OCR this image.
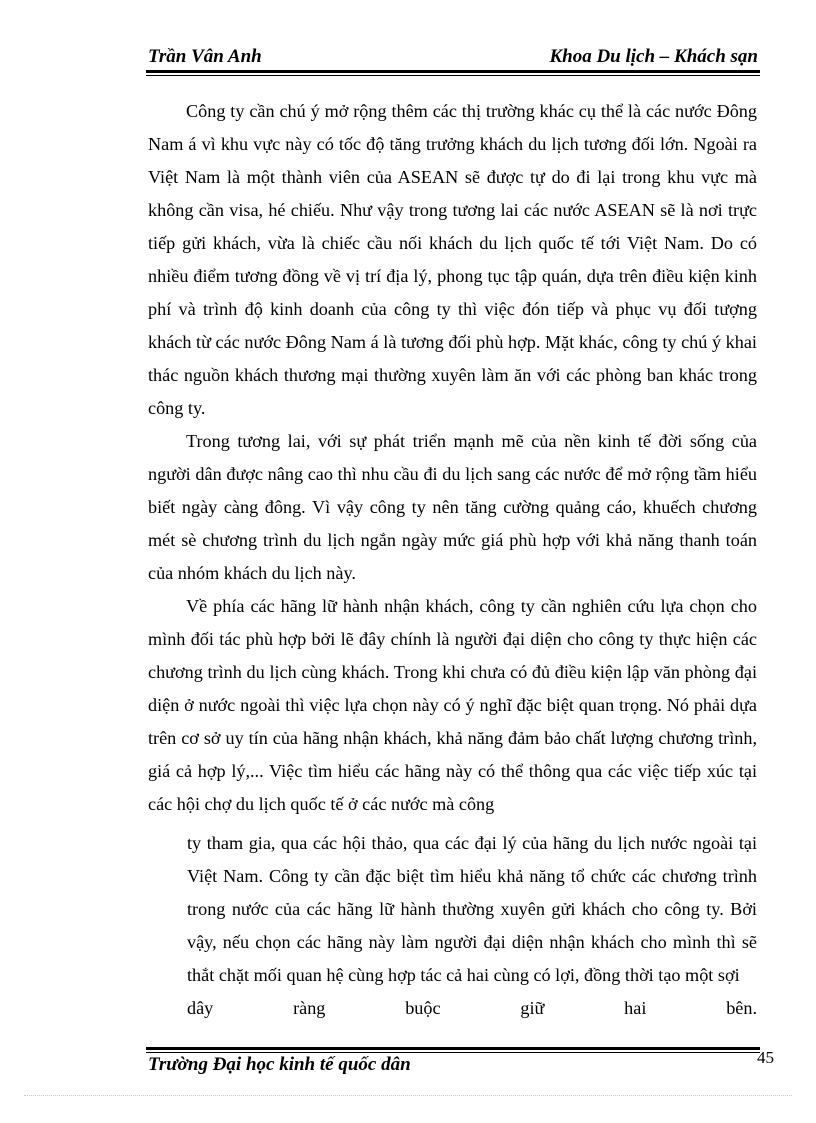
Trần Vân Anh	Khoa Du lịch – Khách sạn

Công ty cần chú ý mở rộng thêm các thị trường khác cụ thể là các nước Đông Nam á vì khu vực này có tốc độ tăng trưởng khách du lịch tương đối lớn. Ngoài ra Việt Nam là một thành viên của ASEAN sẽ được tự do đi lại trong khu vực mà không cần visa, hé chiếu. Như vậy trong tương lai các nước ASEAN sẽ là nơi trực tiếp gửi khách, vừa là chiếc cầu nối khách du lịch quốc tế tới Việt Nam. Do có nhiều điểm tương đồng về vị trí địa lý, phong tục tập quán, dựa trên điều kiện kinh phí và trình độ kinh doanh của công ty thì việc đón tiếp và phục vụ đối tượng khách từ các nước Đông Nam á là tương đối phù hợp. Mặt khác, công ty chú ý khai thác nguồn khách thương mại thường xuyên làm ăn với các phòng ban khác trong công ty.

Trong tương lai, với sự phát triển mạnh mẽ của nền kinh tế đời sống của người dân được nâng cao thì nhu cầu đi du lịch sang các nước để mở rộng tầm hiểu biết ngày càng đông. Vì vậy công ty nên tăng cường quảng cáo, khuếch chương mét sè chương trình du lịch ngắn ngày mức giá phù hợp với khả năng thanh toán của nhóm khách du lịch này.

Về phía các hãng lữ hành nhận khách, công ty cần nghiên cứu lựa chọn cho mình đối tác phù hợp bởi lẽ đây chính là người đại diện cho công ty thực hiện các chương trình du lịch cùng khách. Trong khi chưa có đủ điều kiện lập văn phòng đại diện ở nước ngoài thì việc lựa chọn này có ý nghĩ đặc biệt quan trọng. Nó phải dựa trên cơ sở uy tín của hãng nhận khách, khả năng đảm bảo chất lượng chương trình, giá cả hợp lý,... Việc tìm hiểu các hãng này có thể thông qua các việc tiếp xúc tại các hội chợ du lịch quốc tế ở các nước mà công

ty tham gia, qua các hội thảo, qua các đại lý của hãng du lịch nước ngoài tại Việt Nam. Công ty cần đặc biệt tìm hiểu khả năng tổ chức các chương trình trong nước của các hãng lữ hành thường xuyên gửi khách cho công ty. Bởi vậy, nếu chọn các hãng này làm người đại diện nhận khách cho mình thì sẽ thắt chặt mối quan hệ cùng hợp tác cả hai cùng có lợi, đồng thời tạo một sợi

dây	ràng	buộc	giữ	hai	bên.
Trường Đại học kinh tế quốc dân	45
